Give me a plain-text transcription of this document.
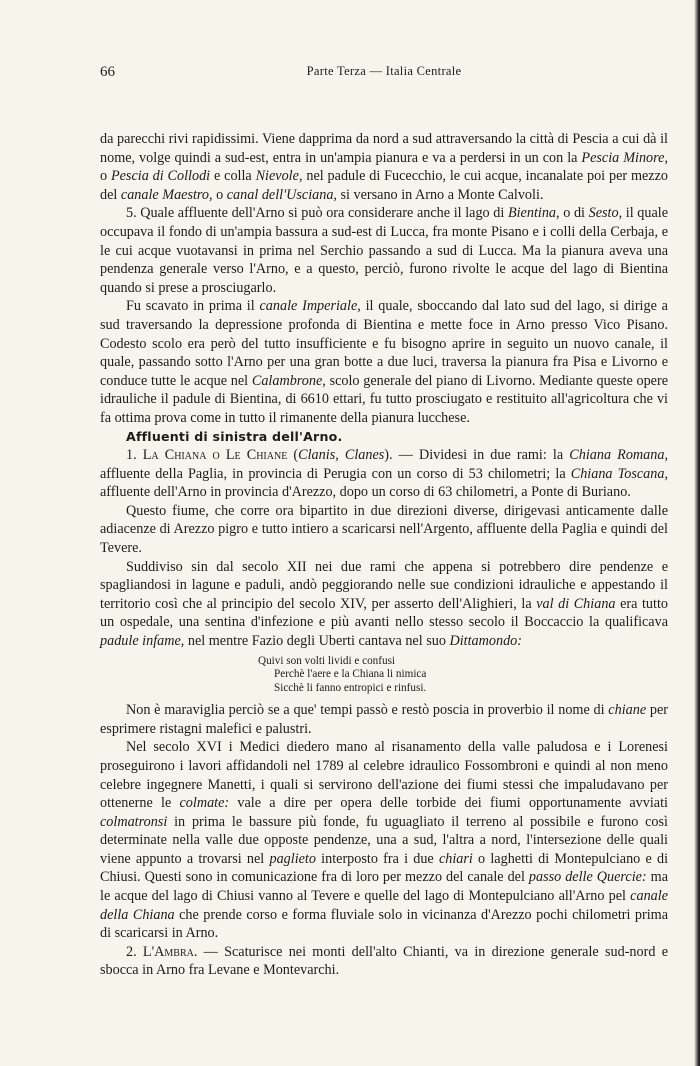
66	Parte Terza — Italia Centrale

da parecchi rivi rapidissimi. Viene dapprima da nord a sud attraversando la città di Pescia a cui dà il nome, volge quindi a sud-est, entra in un'ampia pianura e va a perdersi in un con la Pescia Minore, o Pescia di Collodi e colla Nievole, nel padule di Fucecchio, le cui acque, incanalate poi per mezzo del canale Maestro, o canal dell'Usciana, si versano in Arno a Monte Calvoli.

5. Quale affluente dell'Arno si può ora considerare anche il lago di Bientina, o di Sesto, il quale occupava il fondo di un'ampia bassura a sud-est di Lucca, fra monte Pisano e i colli della Cerbaja, e le cui acque vuotavansi in prima nel Serchio passando a sud di Lucca. Ma la pianura aveva una pendenza generale verso l'Arno, e a questo, perciò, furono rivolte le acque del lago di Bientina quando si prese a prosciugarlo.

Fu scavato in prima il canale Imperiale, il quale, sboccando dal lato sud del lago, si dirige a sud traversando la depressione profonda di Bientina e mette foce in Arno presso Vico Pisano. Codesto scolo era però del tutto insufficiente e fu bisogno aprire in seguito un nuovo canale, il quale, passando sotto l'Arno per una gran botte a due luci, traversa la pianura fra Pisa e Livorno e conduce tutte le acque nel Calambrone, scolo generale del piano di Livorno. Mediante queste opere idrauliche il padule di Bientina, di 6610 ettari, fu tutto prosciugato e restituito all'agricoltura che vi fa ottima prova come in tutto il rimanente della pianura lucchese.

Affluenti di sinistra dell'Arno.

1. La Chiana o Le Chiane (Clanis, Clanes). — Dividesi in due rami: la Chiana Romana, affluente della Paglia, in provincia di Perugia con un corso di 53 chilometri; la Chiana Toscana, affluente dell'Arno in provincia d'Arezzo, dopo un corso di 63 chilometri, a Ponte di Buriano.

Questo fiume, che corre ora bipartito in due direzioni diverse, dirigevasi anticamente dalle adiacenze di Arezzo pigro e tutto intiero a scaricarsi nell'Argento, affluente della Paglia e quindi del Tevere.

Suddiviso sin dal secolo XII nei due rami che appena si potrebbero dire pendenze e spagliandosi in lagune e paduli, andò peggiorando nelle sue condizioni idrauliche e appestando il territorio così che al principio del secolo XIV, per asserto dell'Alighieri, la val di Chiana era tutto un ospedale, una sentina d'infezione e più avanti nello stesso secolo il Boccaccio la qualificava padule infame, nel mentre Fazio degli Uberti cantava nel suo Dittamondo:

Quivi son volti lividi e confusi
Perchè l'aere e la Chiana li nimica
Sicchè li fanno entropici e rinfusi.

Non è maraviglia perciò se a que' tempi passò e restò poscia in proverbio il nome di chiane per esprimere ristagni malefici e palustri.

Nel secolo XVI i Medici diedero mano al risanamento della valle paludosa e i Lorenesi proseguirono i lavori affidandoli nel 1789 al celebre idraulico Fossombroni e quindi al non meno celebre ingegnere Manetti, i quali si servirono dell'azione dei fiumi stessi che impaludavano per ottenerne le colmate: vale a dire per opera delle torbide dei fiumi opportunamente avviati colmatronsi in prima le bassure più fonde, fu uguagliato il terreno al possibile e furono così determinate nella valle due opposte pendenze, una a sud, l'altra a nord, l'intersezione delle quali viene appunto a trovarsi nel paglieto interposto fra i due chiari o laghetti di Montepulciano e di Chiusi. Questi sono in comunicazione fra di loro per mezzo del canale del passo delle Quercie: ma le acque del lago di Chiusi vanno al Tevere e quelle del lago di Montepulciano all'Arno pel canale della Chiana che prende corso e forma fluviale solo in vicinanza d'Arezzo pochi chilometri prima di scaricarsi in Arno.

2. L'Ambra. — Scaturisce nei monti dell'alto Chianti, va in direzione generale sud-nord e sbocca in Arno fra Levane e Montevarchi.
